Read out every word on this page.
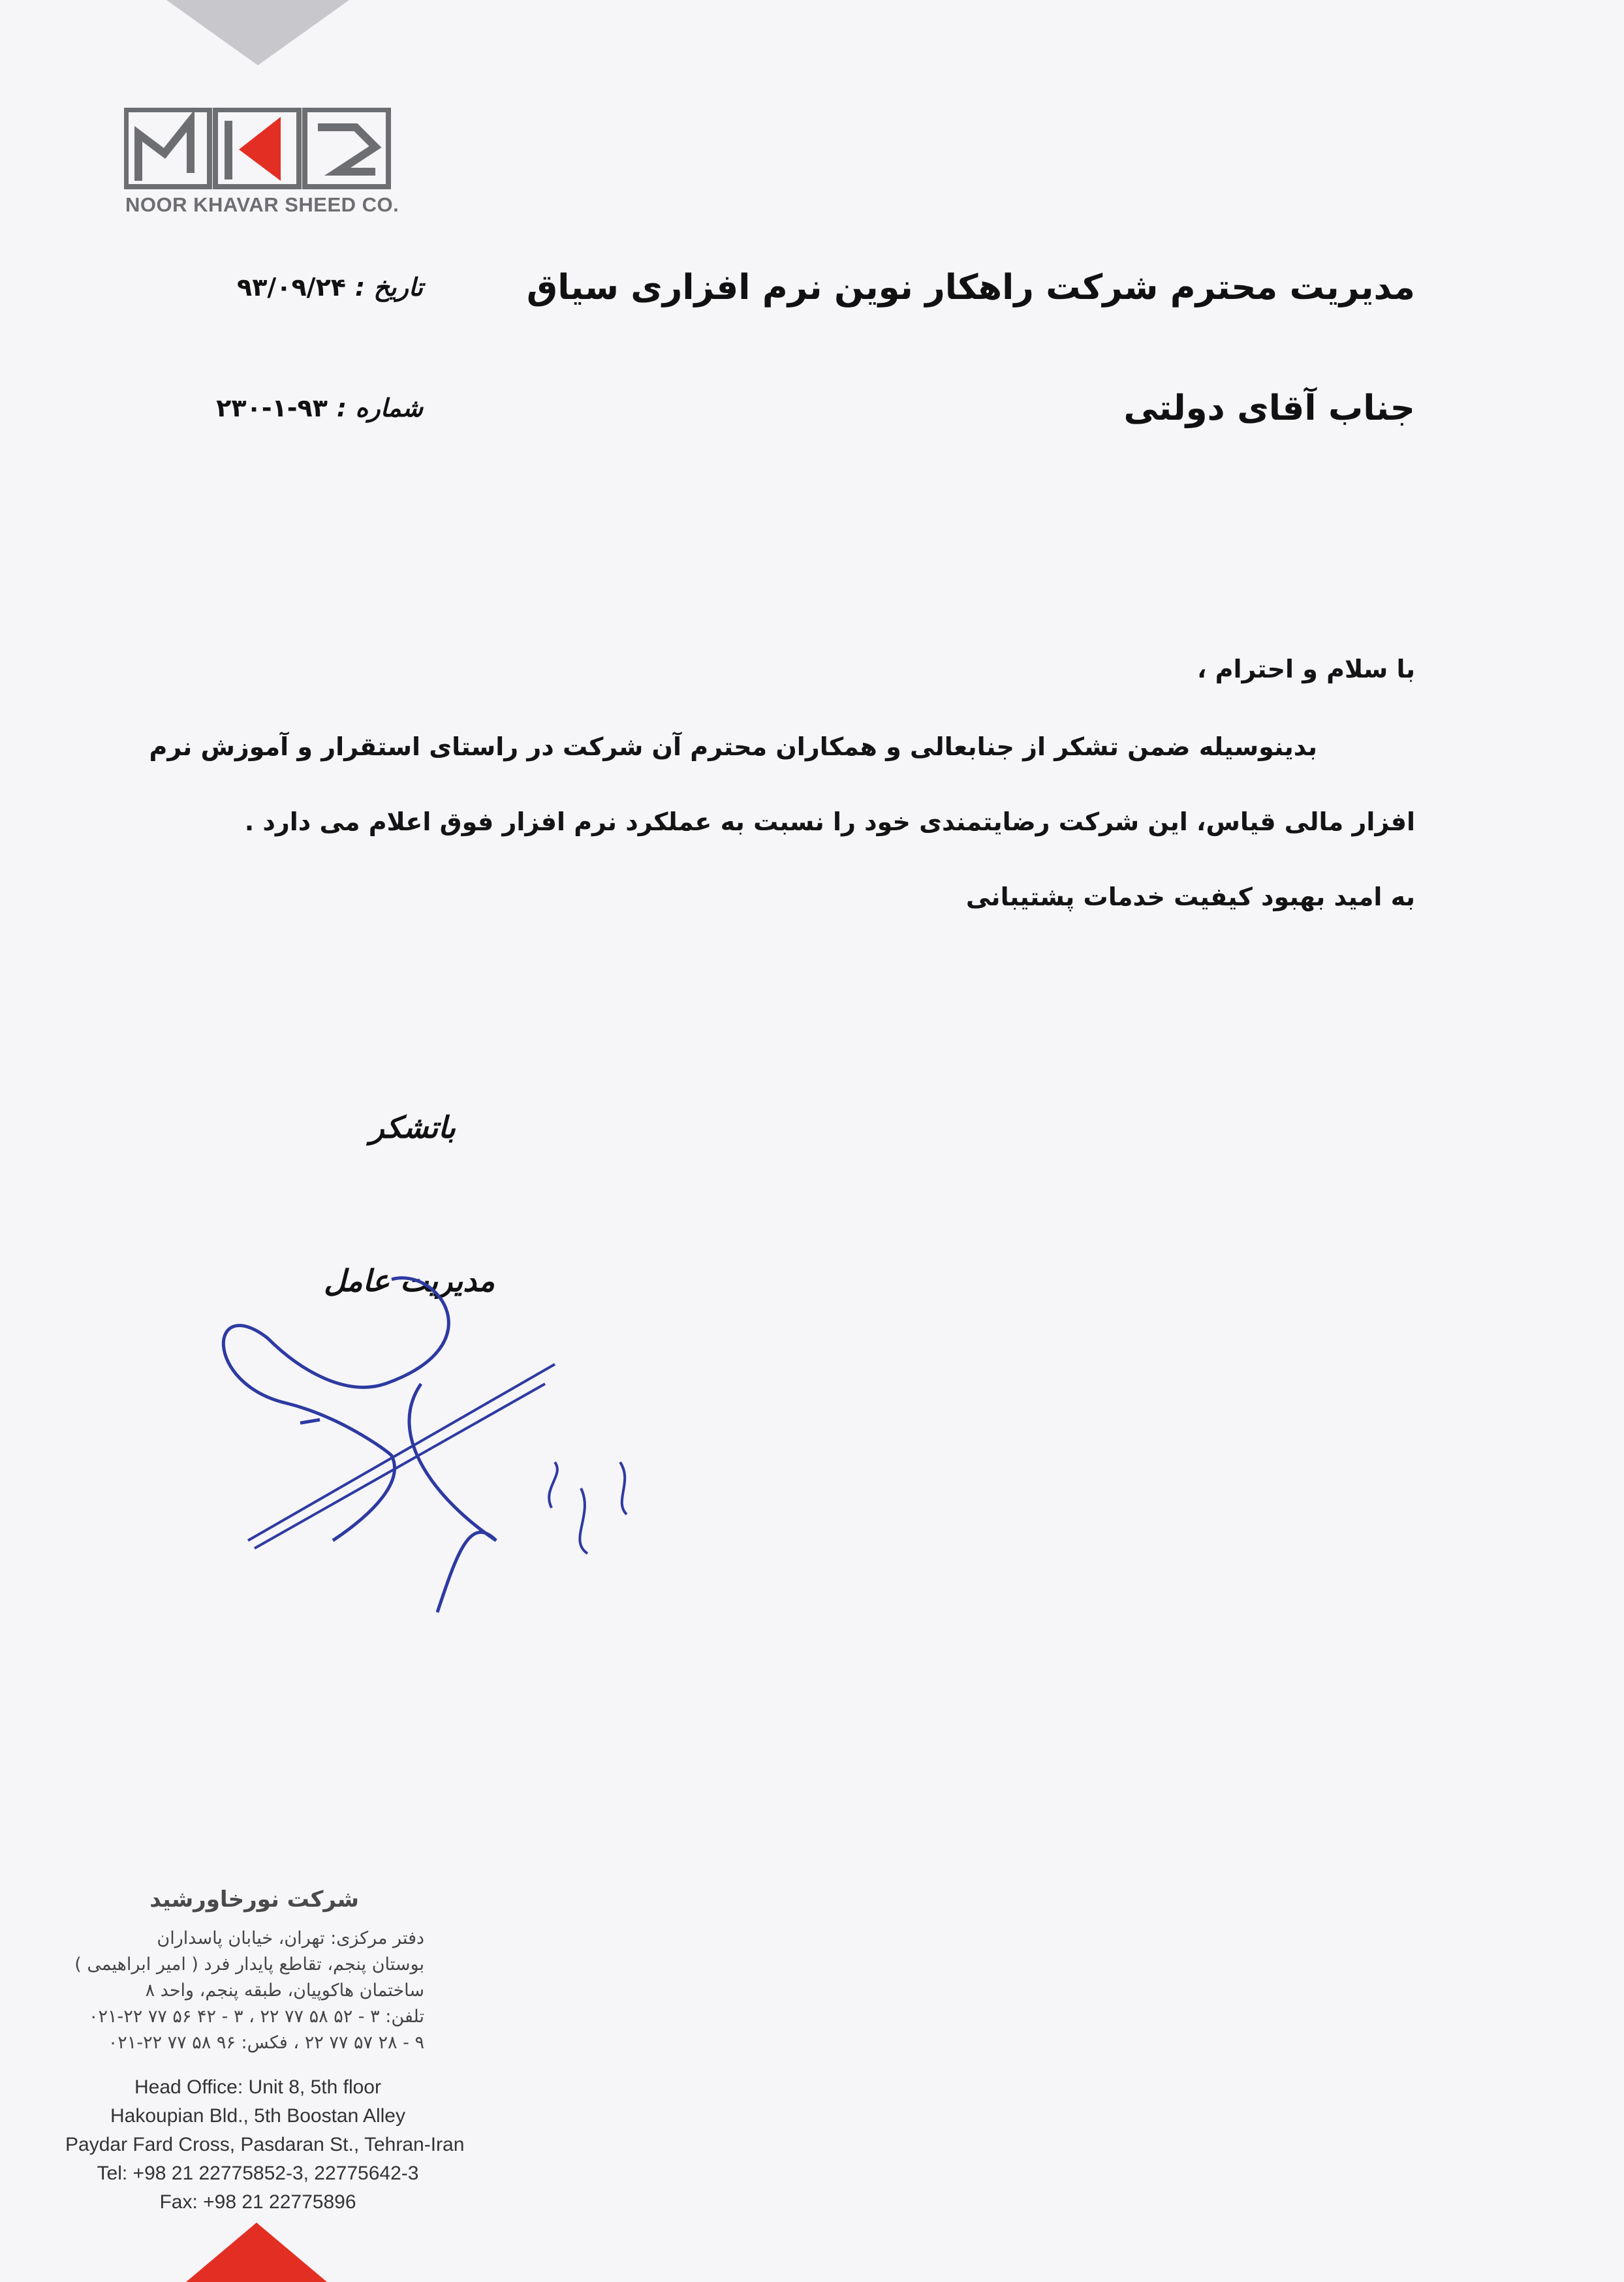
NOOR KHAVAR SHEED CO.
مدیریت محترم شرکت راهکار نوین نرم افزاری سیاق
جناب آقای دولتی
تاریخ :۹۳/۰۹/۲۴
شماره :۹۳-۱-۲۳۰
با سلام و احترام ،
بدینوسیله ضمن تشکر از جنابعالی و همکاران محترم آن شرکت در راستای استقرار و آموزش نرم
افزار مالی قیاس، این شرکت رضایتمندی خود را نسبت به عملکرد نرم افزار فوق اعلام می دارد .
به امید بهبود کیفیت خدمات پشتیبانی
باتشکر
مدیریت عامل
شرکت نورخاورشید
دفتر مرکزی: تهران، خیابان پاسداران
بوستان پنجم، تقاطع پایدار فرد ( امیر ابراهیمی )
ساختمان هاکوپیان، طبقه پنجم، واحد ۸
تلفن: ۳ - ۵۲ ۵۸ ۷۷ ۲۲ ، ۳ - ۴۲ ۵۶ ۷۷ ۲۲-۰۲۱
۹ - ۲۸ ۵۷ ۷۷ ۲۲ ، فکس: ۹۶ ۵۸ ۷۷ ۲۲-۰۲۱
Head Office: Unit 8, 5th floor
Hakoupian Bld., 5th Boostan Alley
Paydar Fard Cross, Pasdaran St., Tehran-Iran
Tel: +98 21 22775852-3, 22775642-3
Fax: +98 21 22775896
